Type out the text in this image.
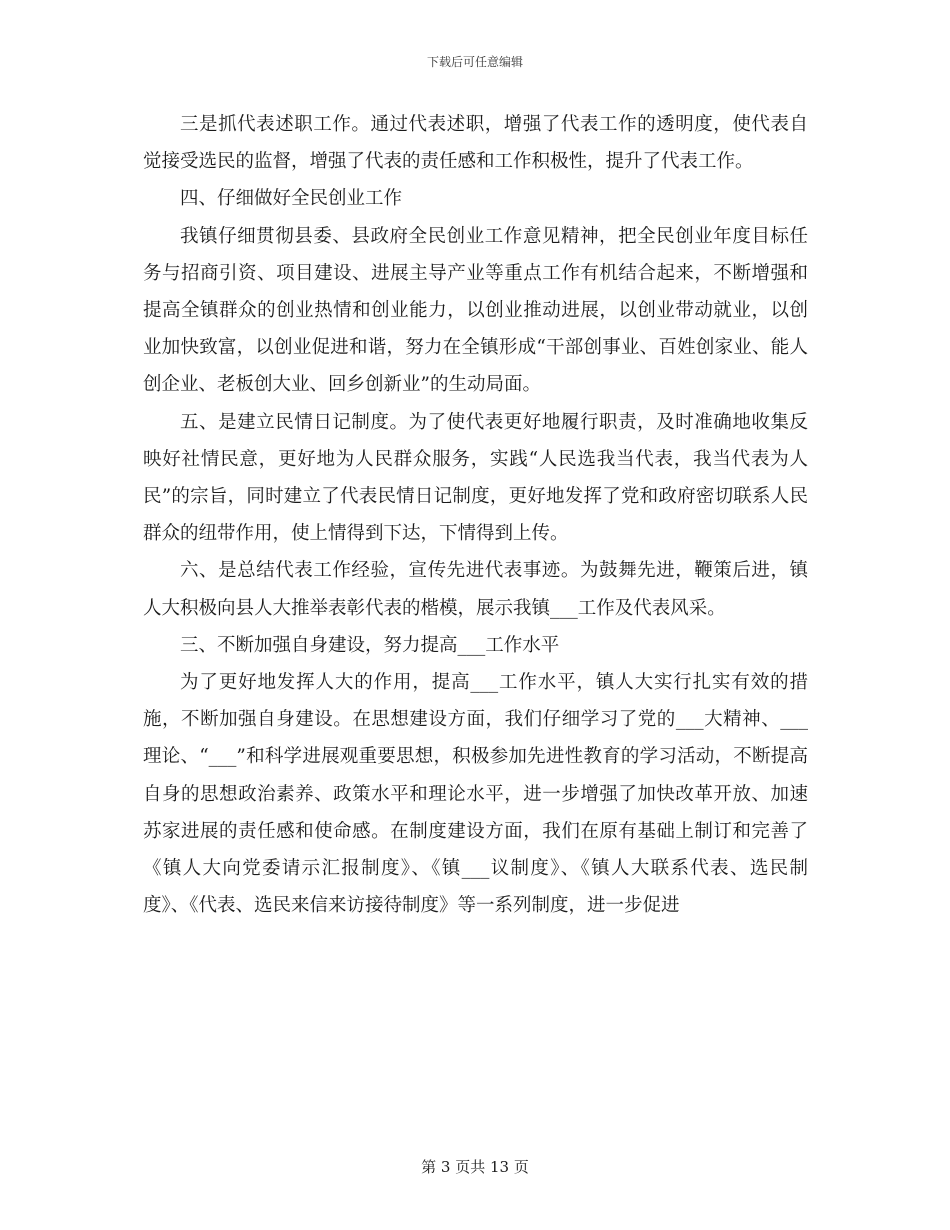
下载后可任意编辑

三是抓代表述职工作。通过代表述职，增强了代表工作的透明度，使代表自觉接受选民的监督，增强了代表的责任感和工作积极性，提升了代表工作。

四、仔细做好全民创业工作

我镇仔细贯彻县委、县政府全民创业工作意见精神，把全民创业年度目标任务与招商引资、项目建设、进展主导产业等重点工作有机结合起来，不断增强和提高全镇群众的创业热情和创业能力，以创业推动进展，以创业带动就业，以创业加快致富，以创业促进和谐，努力在全镇形成“干部创事业、百姓创家业、能人创企业、老板创大业、回乡创新业”的生动局面。

五、是建立民情日记制度。为了使代表更好地履行职责，及时准确地收集反映好社情民意，更好地为人民群众服务，实践“人民选我当代表，我当代表为人民”的宗旨，同时建立了代表民情日记制度，更好地发挥了党和政府密切联系人民群众的纽带作用，使上情得到下达，下情得到上传。

六、是总结代表工作经验，宣传先进代表事迹。为鼓舞先进，鞭策后进，镇人大积极向县人大推举表彰代表的楷模，展示我镇___工作及代表风采。

三、不断加强自身建设，努力提高___工作水平

为了更好地发挥人大的作用，提高___工作水平，镇人大实行扎实有效的措施，不断加强自身建设。在思想建设方面，我们仔细学习了党的___大精神、___理论、“___”和科学进展观重要思想，积极参加先进性教育的学习活动，不断提高自身的思想政治素养、政策水平和理论水平，进一步增强了加快改革开放、加速苏家进展的责任感和使命感。在制度建设方面，我们在原有基础上制订和完善了《镇人大向党委请示汇报制度》、《镇___议制度》、《镇人大联系代表、选民制度》、《代表、选民来信来访接待制度》等一系列制度，进一步促进

第 3 页共 13 页
